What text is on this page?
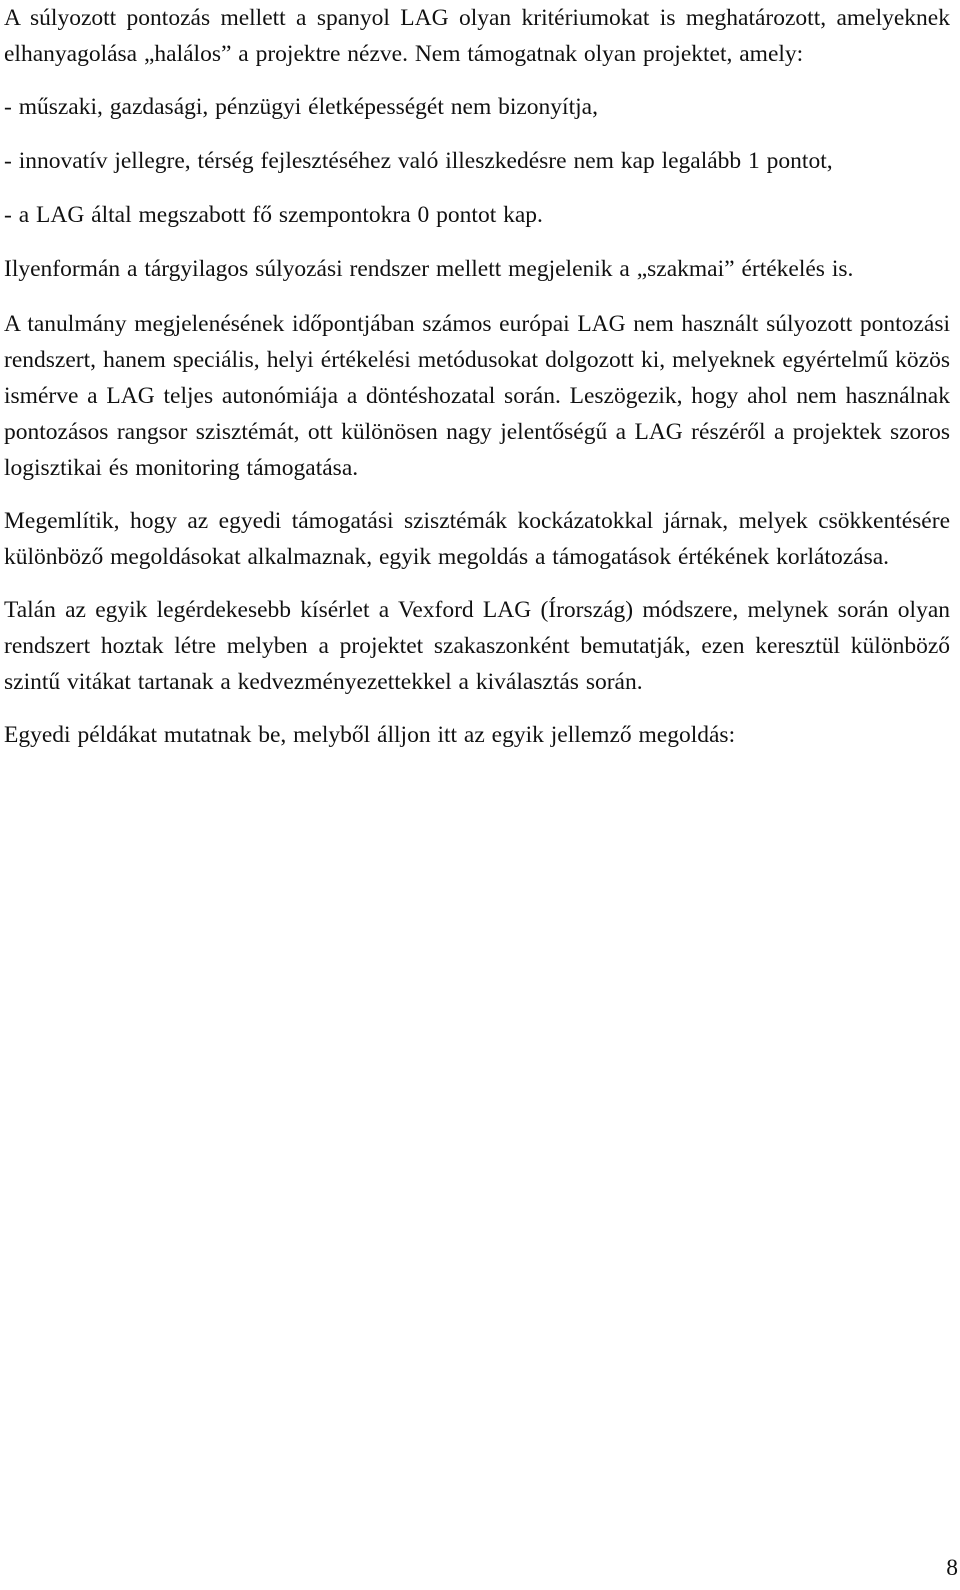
A súlyozott pontozás mellett a spanyol LAG olyan kritériumokat is meghatározott, amelyeknek elhanyagolása „halálos” a projektre nézve. Nem támogatnak olyan projektet, amely:

- műszaki, gazdasági, pénzügyi életképességét nem bizonyítja,

- innovatív jellegre, térség fejlesztéséhez való illeszkedésre nem kap legalább 1 pontot,

- a LAG által megszabott fő szempontokra 0 pontot kap.

Ilyenformán a tárgyilagos súlyozási rendszer mellett megjelenik a „szakmai” értékelés is.

A tanulmány megjelenésének időpontjában számos európai LAG nem használt súlyozott pontozási rendszert, hanem speciális, helyi értékelési metódusokat dolgozott ki, melyeknek egyértelmű közös ismérve a LAG teljes autonómiája a döntéshozatal során. Leszögezik, hogy ahol nem használnak pontozásos rangsor szisztémát, ott különösen nagy jelentőségű a LAG részéről a projektek szoros logisztikai és monitoring támogatása.

Megemlítik, hogy az egyedi támogatási szisztémák kockázatokkal járnak, melyek csökkentésére különböző megoldásokat alkalmaznak, egyik megoldás a támogatások értékének korlátozása.

Talán az egyik legérdekesebb kísérlet a Vexford LAG (Írország) módszere, melynek során olyan rendszert hoztak létre melyben a projektet szakaszonként bemutatják, ezen keresztül különböző szintű vitákat tartanak a kedvezményezettekkel a kiválasztás során.

Egyedi példákat mutatnak be, melyből álljon itt az egyik jellemző megoldás:

8
